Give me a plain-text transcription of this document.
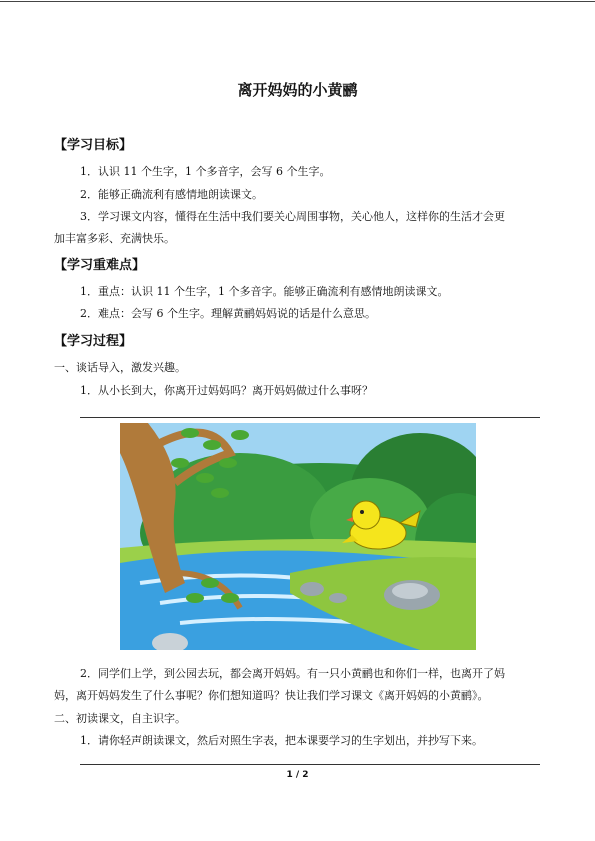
离开妈妈的小黄鹂
【学习目标】
1．认识 11 个生字，1 个多音字，会写 6 个生字。
2．能够正确流利有感情地朗读课文。
3．学习课文内容，懂得在生活中我们要关心周围事物，关心他人，这样你的生活才会更
加丰富多彩、充满快乐。
【学习重难点】
1．重点：认识 11 个生字，1 个多音字。能够正确流利有感情地朗读课文。
2．难点：会写 6 个生字。理解黄鹂妈妈说的话是什么意思。
【学习过程】
一、谈话导入，激发兴趣。
1．从小长到大，你离开过妈妈吗？离开妈妈做过什么事呀？
2．同学们上学，到公园去玩，都会离开妈妈。有一只小黄鹂也和你们一样，也离开了妈
妈，离开妈妈发生了什么事呢？你们想知道吗？快让我们学习课文《离开妈妈的小黄鹂》。
二、初读课文，自主识字。
1．请你轻声朗读课文，然后对照生字表，把本课要学习的生字划出，并抄写下来。
1 / 2
